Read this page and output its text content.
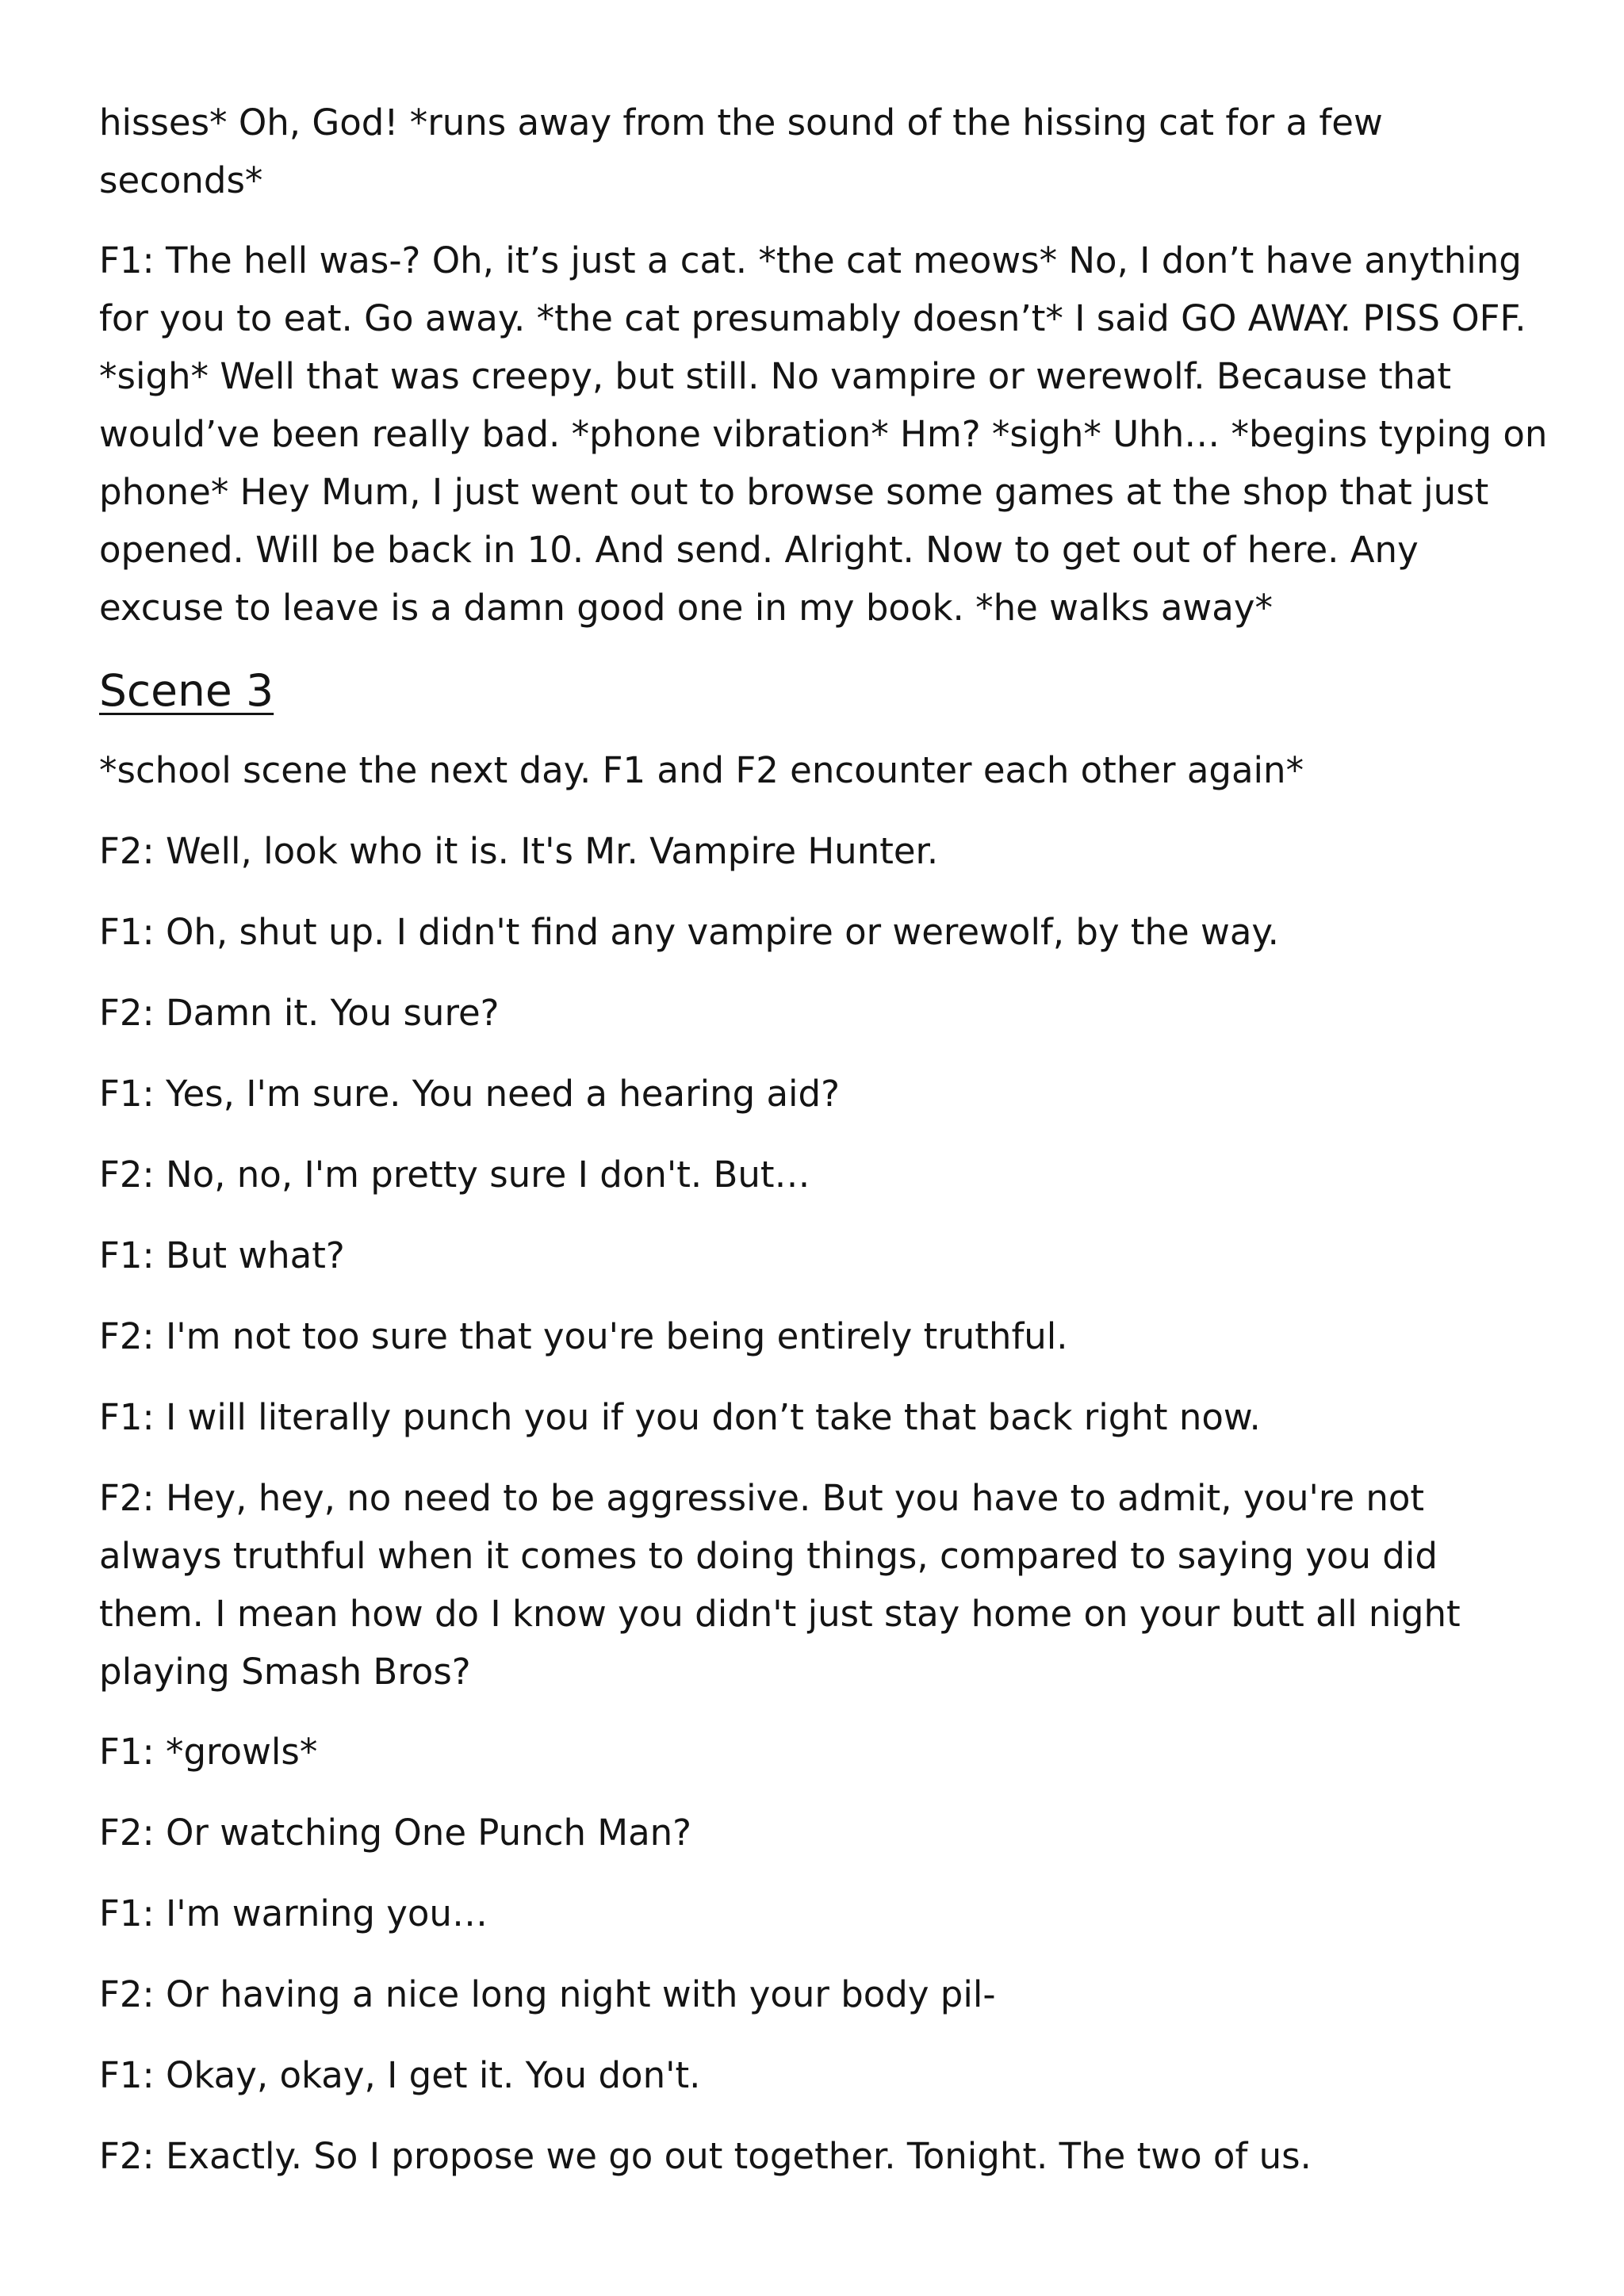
hisses* Oh, God! *runs away from the sound of the hissing cat for a few seconds*

F1: The hell was-? Oh, it’s just a cat. *the cat meows* No, I don’t have anything for you to eat. Go away. *the cat presumably doesn’t* I said GO AWAY. PISS OFF. *sigh* Well that was creepy, but still. No vampire or werewolf. Because that would’ve been really bad. *phone vibration* Hm? *sigh* Uhh… *begins typing on phone* Hey Mum, I just went out to browse some games at the shop that just opened. Will be back in 10. And send. Alright. Now to get out of here. Any excuse to leave is a damn good one in my book. *he walks away*

Scene 3

*school scene the next day. F1 and F2 encounter each other again*

F2: Well, look who it is. It's Mr. Vampire Hunter.

F1: Oh, shut up. I didn't find any vampire or werewolf, by the way.

F2: Damn it. You sure?

F1: Yes, I'm sure. You need a hearing aid?

F2: No, no, I'm pretty sure I don't. But…

F1: But what?

F2: I'm not too sure that you're being entirely truthful.

F1: I will literally punch you if you don’t take that back right now.

F2: Hey, hey, no need to be aggressive. But you have to admit, you're not always truthful when it comes to doing things, compared to saying you did them. I mean how do I know you didn't just stay home on your butt all night playing Smash Bros?

F1: *growls*

F2: Or watching One Punch Man?

F1: I'm warning you…

F2: Or having a nice long night with your body pil-

F1: Okay, okay, I get it. You don't.

F2: Exactly. So I propose we go out together. Tonight. The two of us.
